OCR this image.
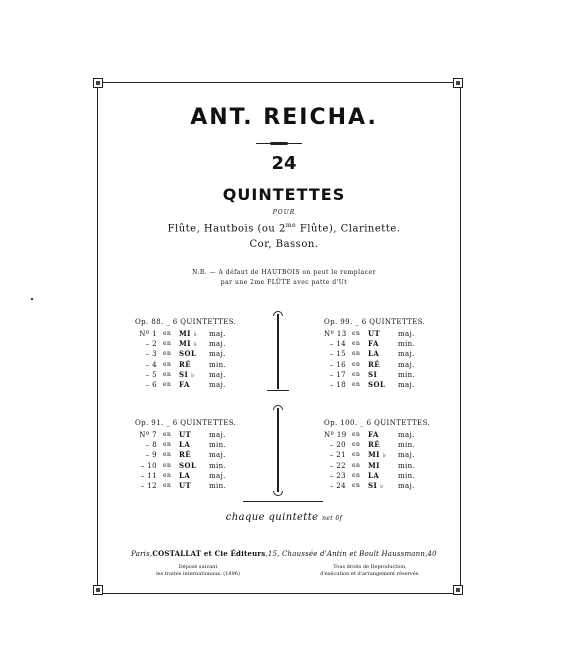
ANT. REICHA.
24
QUINTETTES
POUR
Flûte, Hautbois (ou $2^{me}$ Flûte), Clarinette.
Cor, Basson.
N.B. — A défaut de HAUTBOIS on peut le remplacer
par une 2me FLÛTE avec patte d'Ut
Op. 88. _ 6 QUINTETTES.
Nº 1	en	MI ♭	maj.
– 2	en	MI ♭	maj.
– 3	en	SOL	maj.
– 4	en	RÉ	min.
– 5	en	SI ♭	maj.
– 6	en	FA	maj.
Op. 99. _ 6 QUINTETTES.
Nº 13 en	UT	maj.
– 14	en	FA	min.
– 15	en	LA	maj.
– 16	en	RÉ	maj.
– 17	en	SI	min.
– 18	en	SOL	maj.
Op. 91. _ 6 QUINTETTES.
Nº 7	en	UT	maj.
– 8	en	LA	min.
– 9	en	RÉ	maj.
– 10	en	SOL	min.
– 11	en	LA	maj.
– 12	en	UT	min.
Op. 100. _ 6 QUINTETTES.
Nº 19 en	FA	maj.
– 20	en	RÉ	min.
– 21	en	MI ♭	maj.
– 22	en	MI	min.
– 23	en	LA	min.
– 24	en	SI ♭	maj.
chaque quintette net 6f
Paris,COSTALLAT et Cie Éditeurs,15, Chaussée d'Antin et Boult Haussmann,40
Déposé suivant
les traités internationaux. (1896)
Tous droits de Reproduction,
d'exécution et d'arrangement réservés.
